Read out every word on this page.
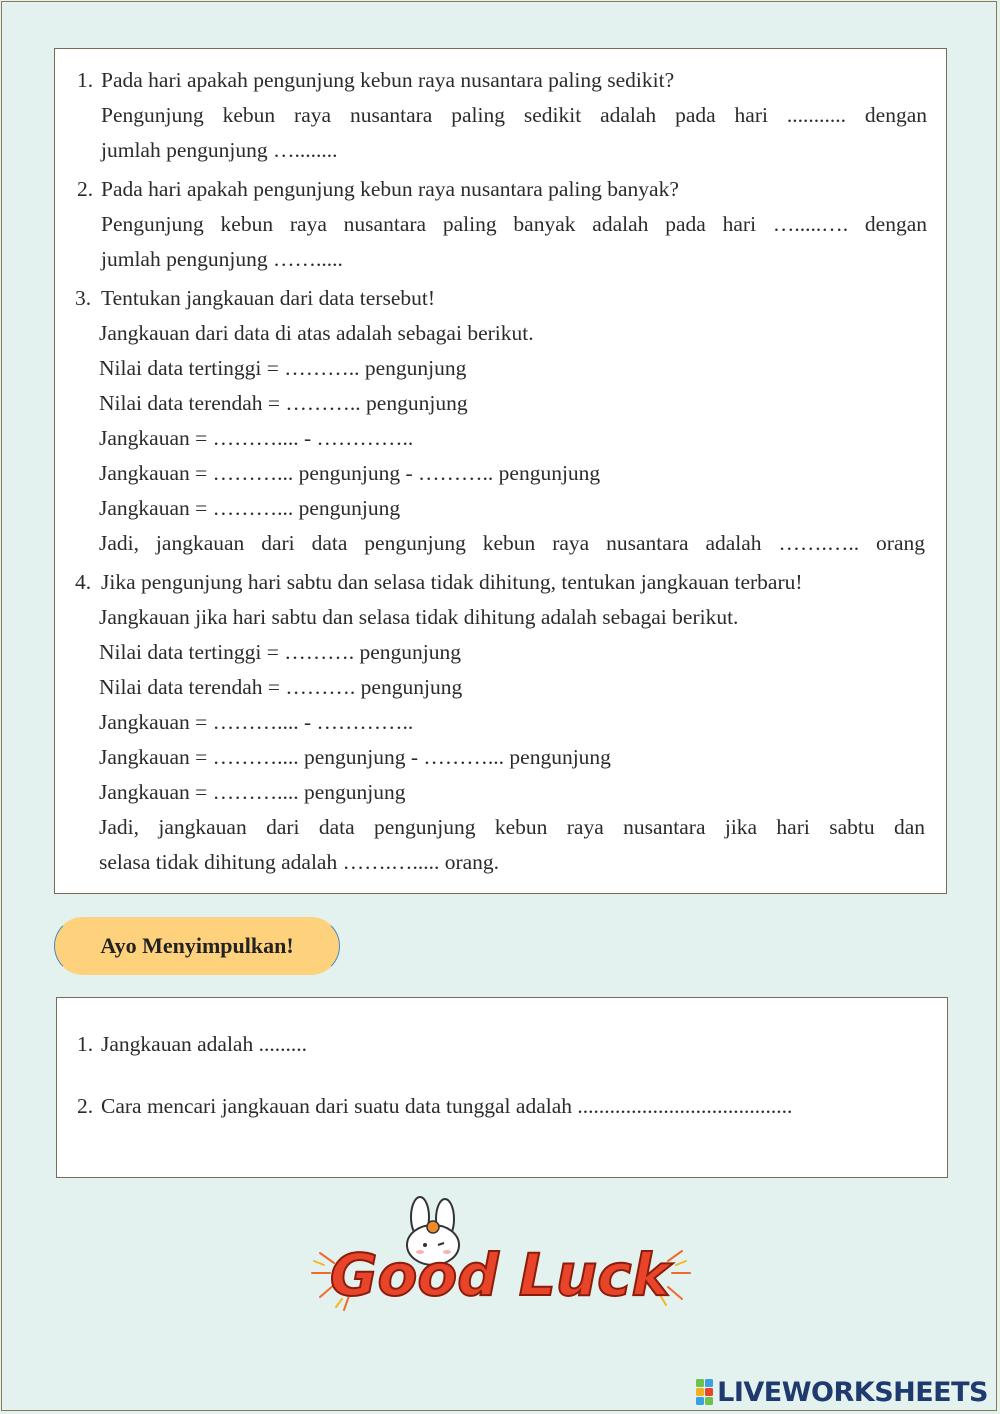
1. Pada hari apakah pengunjung kebun raya nusantara paling sedikit?
Pengunjung kebun raya nusantara paling sedikit adalah pada hari ........... dengan
jumlah pengunjung …........
2. Pada hari apakah pengunjung kebun raya nusantara paling banyak?
Pengunjung kebun raya nusantara paling banyak adalah pada hari ….....…. dengan
jumlah pengunjung …….....
3. Tentukan jangkauan dari data tersebut!
Jangkauan dari data di atas adalah sebagai berikut.
Nilai data tertinggi = ……….. pengunjung
Nilai data terendah = ……….. pengunjung
Jangkauan = ……….... - …………..
Jangkauan = ………... pengunjung - ……….. pengunjung
Jangkauan = ………... pengunjung
Jadi, jangkauan dari data pengunjung kebun raya nusantara adalah …….….. orang
4. Jika pengunjung hari sabtu dan selasa tidak dihitung, tentukan jangkauan terbaru!
Jangkauan jika hari sabtu dan selasa tidak dihitung adalah sebagai berikut.
Nilai data tertinggi = ………. pengunjung
Nilai data terendah = ………. pengunjung
Jangkauan = ……….... - …………..
Jangkauan = ……….... pengunjung - ………... pengunjung
Jangkauan = ……….... pengunjung
Jadi, jangkauan dari data pengunjung kebun raya nusantara jika hari sabtu dan
selasa tidak dihitung adalah …….…..... orang.
Ayo Menyimpulkan!
1. Jangkauan adalah .........
2. Cara mencari jangkauan dari suatu data tunggal adalah ........................................
Good Luck
LIVEWORKSHEETS
